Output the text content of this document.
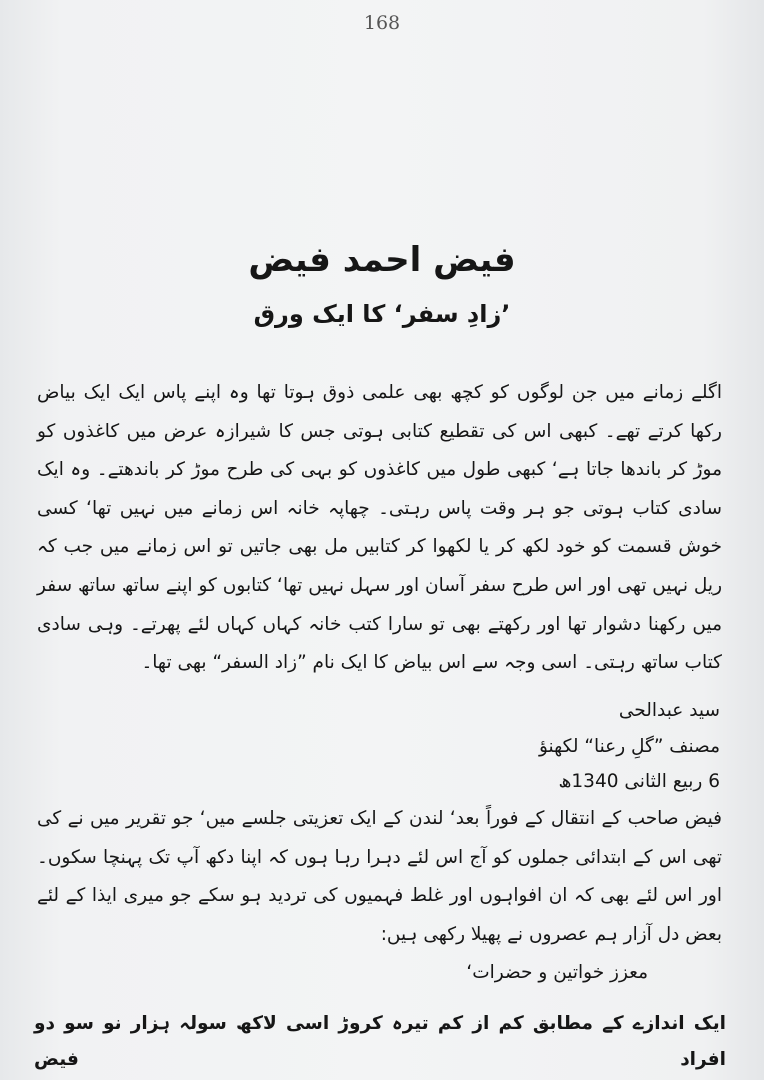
168
فیض احمد فیض
’زادِ سفر‘ کا ایک ورق
اگلے زمانے میں جن لوگوں کو کچھ بھی علمی ذوق ہوتا تھا وہ اپنے پاس ایک ایک بیاض رکھا کرتے تھے۔ کبھی اس کی تقطیع کتابی ہوتی جس کا شیرازہ عرض میں کاغذوں کو موڑ کر باندھا جاتا ہے‘ کبھی طول میں کاغذوں کو بہی کی طرح موڑ کر باندھتے۔ وہ ایک سادی کتاب ہوتی جو ہر وقت پاس رہتی۔ چھاپہ خانہ اس زمانے میں نہیں تھا‘ کسی خوش قسمت کو خود لکھ کر یا لکھوا کر کتابیں مل بھی جاتیں تو اس زمانے میں جب کہ ریل نہیں تھی اور اس طرح سفر آسان اور سہل نہیں تھا‘ کتابوں کو اپنے ساتھ ساتھ سفر میں رکھنا دشوار تھا اور رکھتے بھی تو سارا کتب خانہ کہاں کہاں لئے پھرتے۔ وہی سادی کتاب ساتھ رہتی۔ اسی وجہ سے اس بیاض کا ایک نام ”زاد السفر“ بھی تھا۔
سید عبدالحی
مصنف ”گلِ رعنا“ لکھنؤ
6 ربیع الثانی 1340ھ
فیض صاحب کے انتقال کے فوراً بعد‘ لندن کے ایک تعزیتی جلسے میں‘ جو تقریر میں نے کی تھی اس کے ابتدائی جملوں کو آج اس لئے دہرا رہا ہوں کہ اپنا دکھ آپ تک پہنچا سکوں۔ اور اس لئے بھی کہ ان افواہوں اور غلط فہمیوں کی تردید ہو سکے جو میری ایذا کے لئے بعض دل آزار ہم عصروں نے پھیلا رکھی ہیں:
معزز خواتین و حضرات‘
ایک اندازے کے مطابق کم از کم تیرہ کروڑ اسی لاکھ سولہ ہزار نو سو دو افراد فیض
